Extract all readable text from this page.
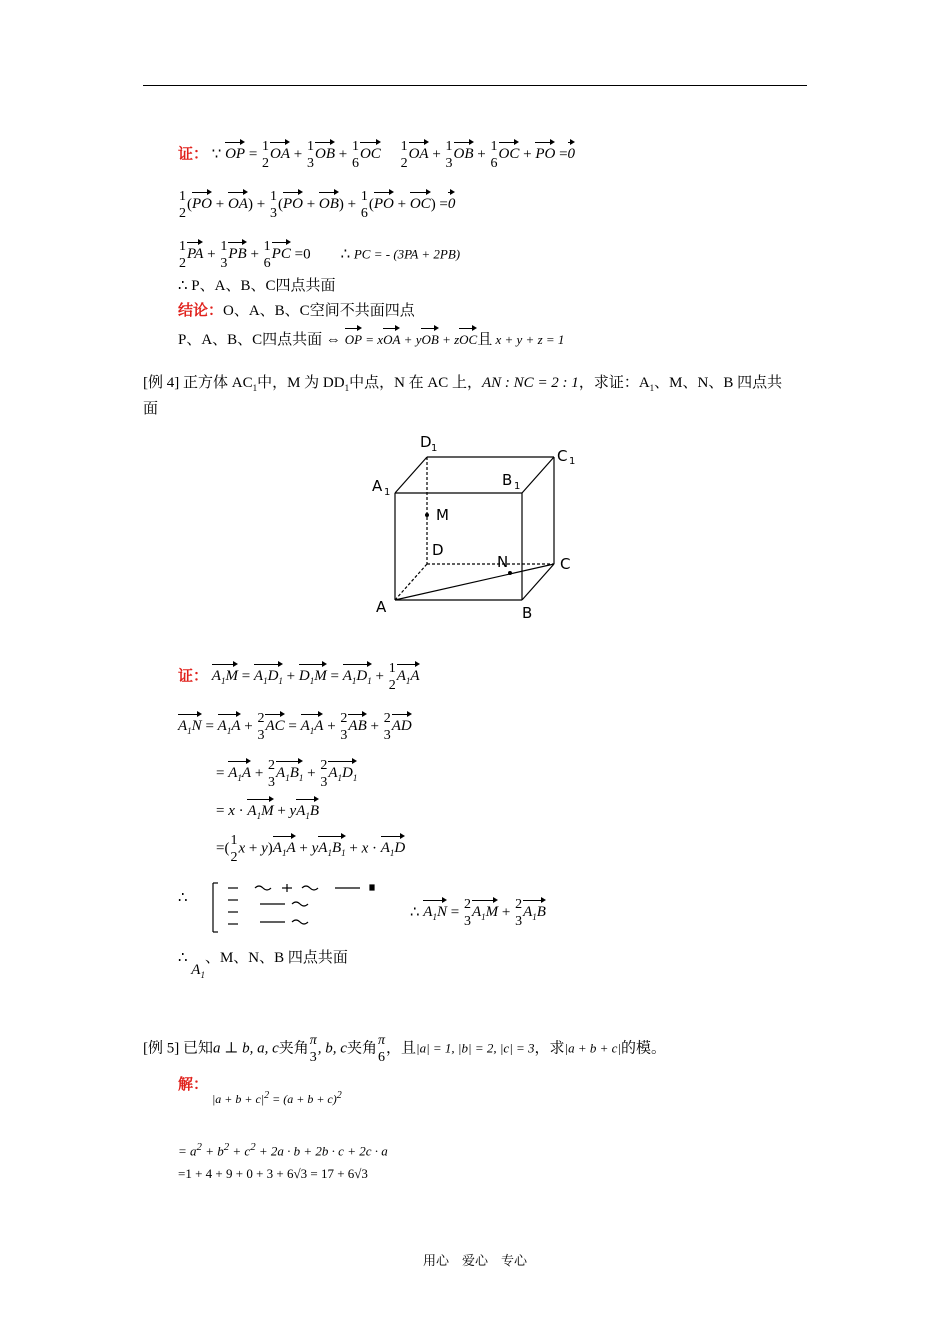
证： ∵ OP = 1
2
OA + 1
3
OB + 1
6
OC 1
2
OA + 1
3
OB + 1
6
OC + PO =0
1
2
(PO + OA) + 1
3
(PO + OB) + 1
6
(PO + OC) =0
1
2
PA + 1
3
PB + 1
6
PC =0 ∴ PC = - (3PA + 2PB)
∴ P、A、B、C四点共面
结论：O、A、B、C空间不共面四点
P、A、B、C四点共面 ⇔ OP = xOA + yOB + zOC且 x + y + z = 1
[例 4] 正方体 $AC_1$中，M 为 $DD_1$中点，N 在 AC 上，AN : NC = 2 : 1，求证：$A_1$、M、N、B 四点共
面
D 1	C 1
A 1
B 1
M
D
N	C
A	B
证： $A_1M = A_1D_1 + D_1M = A_1D_1 + 1$
2
$A_1A$
$A_1N = A_1A + 2$
3
AC = $A_1A + 2$
3
AB + 2
3
AD
= $A_1A + 2$
3
$A_1B_1 + 2$
3
$A_1D_1$
= $x \cdot A_1M + yA_1B$
=( 1
2
$x + y)A_1A + yA_1B_1 + x \cdot A_1D$
∴
∴ $A_1N = 2$
3
$A_1M + 2$
3
$A_1B$
∴ $A_1$、M、N、B 四点共面
[例 5] 已知a ⊥ b, a, c夹角 π
3
, b, c夹角 π
6
，且|a| = 1, |b| = 2, |c| = 3，求|a + b + c|的模。
解：
$|a + b + c|^2 = (a + b + c)^2$
= $a^2 + b^2 + c^2 + 2a \cdot b + 2b \cdot c + 2c \cdot a$
=1 + 4 + 9 + 0 + 3 + 6√3 = 17 + 6√3
用心　爱心　专心
